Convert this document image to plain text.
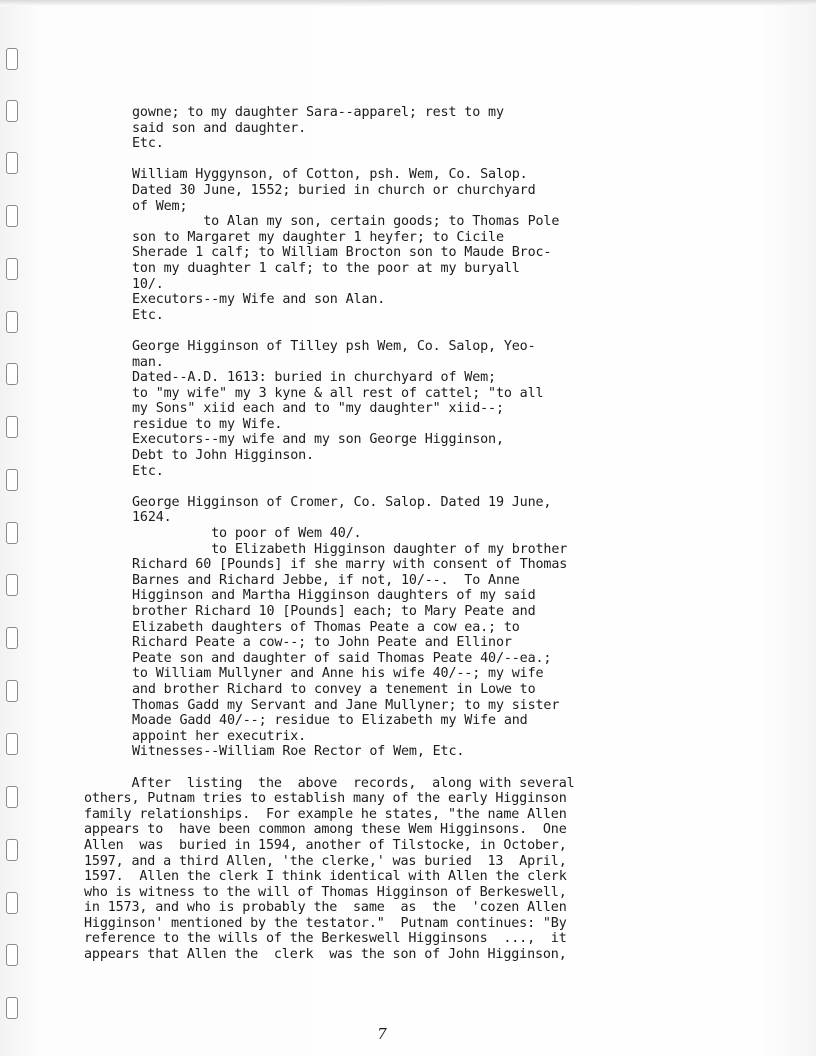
gowne; to my daughter Sara--apparel; rest to my
said son and daughter.
Etc.
William Hyggynson, of Cotton, psh. Wem, Co. Salop.
Dated 30 June, 1552; buried in church or churchyard
of Wem;
to Alan my son, certain goods; to Thomas Pole
son to Margaret my daughter 1 heyfer; to Cicile
Sherade 1 calf; to William Brocton son to Maude Broc-
ton my duaghter 1 calf; to the poor at my buryall
10/.
Executors--my Wife and son Alan.
Etc.
George Higginson of Tilley psh Wem, Co. Salop, Yeo-
man.
Dated--A.D. 1613: buried in churchyard of Wem;
to "my wife" my 3 kyne & all rest of cattel; "to all
my Sons" xiid each and to "my daughter" xiid--;
residue to my Wife.
Executors--my wife and my son George Higginson,
Debt to John Higginson.
Etc.
George Higginson of Cromer, Co. Salop. Dated 19 June,
1624.
to poor of Wem 40/.
to Elizabeth Higginson daughter of my brother
Richard 60 [Pounds] if she marry with consent of Thomas
Barnes and Richard Jebbe, if not, 10/--.  To Anne
Higginson and Martha Higginson daughters of my said
brother Richard 10 [Pounds] each; to Mary Peate and
Elizabeth daughters of Thomas Peate a cow ea.; to
Richard Peate a cow--; to John Peate and Ellinor
Peate son and daughter of said Thomas Peate 40/--ea.;
to William Mullyner and Anne his wife 40/--; my wife
and brother Richard to convey a tenement in Lowe to
Thomas Gadd my Servant and Jane Mullyner; to my sister
Moade Gadd 40/--; residue to Elizabeth my Wife and
appoint her executrix.
Witnesses--William Roe Rector of Wem, Etc.
After  listing  the  above  records,  along with several
others, Putnam tries to establish many of the early Higginson
family relationships.  For example he states, "the name Allen
appears to  have been common among these Wem Higginsons.  One
Allen  was  buried in 1594, another of Tilstocke, in October,
1597, and a third Allen, 'the clerke,' was buried  13  April,
1597.  Allen the clerk I think identical with Allen the clerk
who is witness to the will of Thomas Higginson of Berkeswell,
in 1573, and who is probably the  same  as  the  'cozen Allen
Higginson' mentioned by the testator."  Putnam continues: "By
reference to the wills of the Berkeswell Higginsons  ...,  it
appears that Allen the  clerk  was the son of John Higginson,
7
